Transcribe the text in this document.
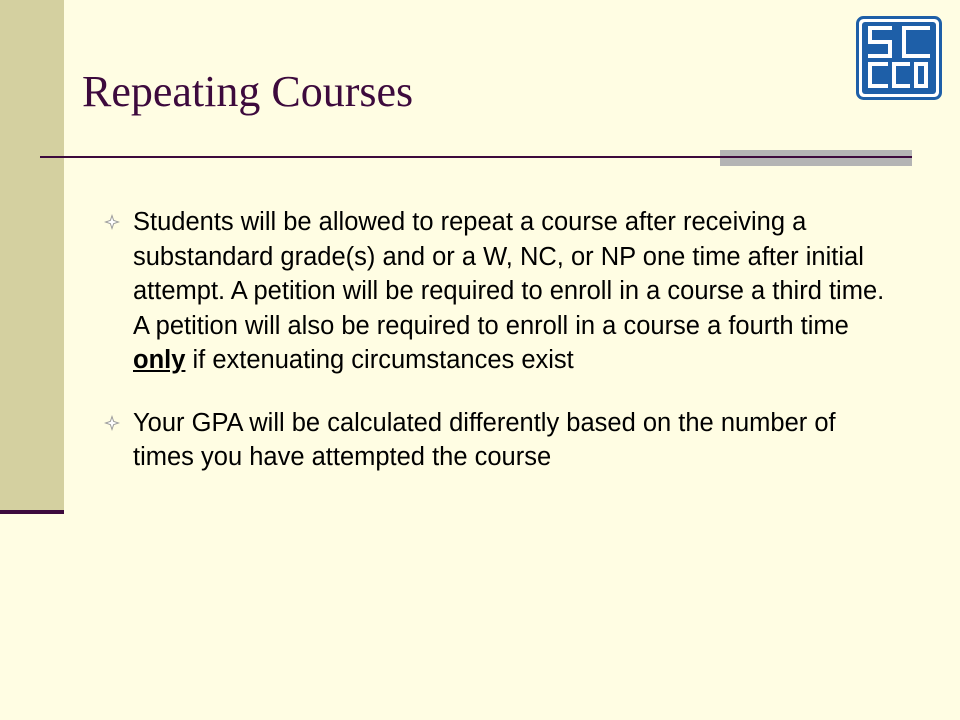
Repeating Courses
Students will be allowed to repeat a course after receiving a substandard grade(s) and or a W, NC, or NP one time after initial attempt. A petition will be required to enroll in a course a third time. A petition will also be required to enroll in a course a fourth time only if extenuating circumstances exist
Your GPA will be calculated differently based on the number of times you have attempted the course
